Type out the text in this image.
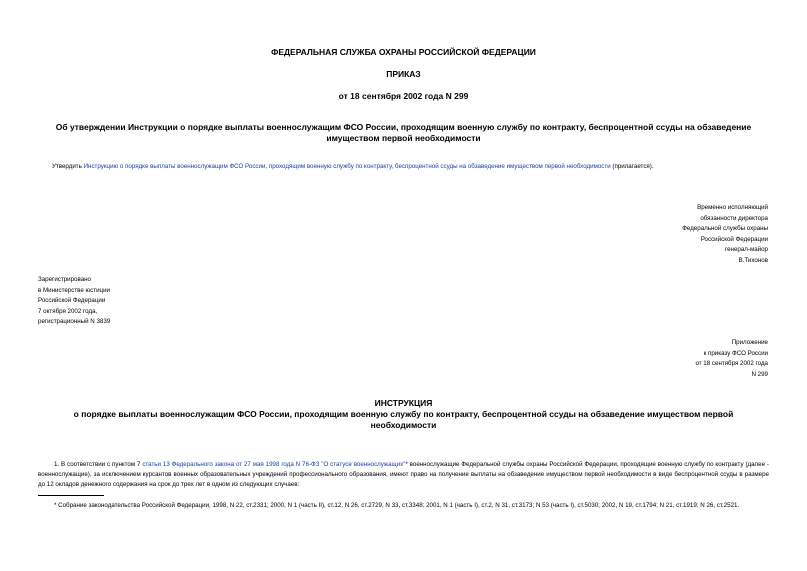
ФЕДЕРАЛЬНАЯ СЛУЖБА ОХРАНЫ РОССИЙСКОЙ ФЕДЕРАЦИИ
ПРИКАЗ
от 18 сентября 2002 года N 299
Об утверждении Инструкции о порядке выплаты военнослужащим ФСО России, проходящим военную службу по контракту, беспроцентной ссуды на обзаведение имуществом первой необходимости
Утвердить Инструкцию о порядке выплаты военнослужащим ФСО России, проходящим военную службу по контракту, беспроцентной ссуды на обзаведение имуществом первой необходимости (прилагается).
Временно исполняющий
обязанности директора
Федеральной службы охраны
Российской Федерации
генерал-майор
В.Тихонов
Зарегистрировано
в Министерстве юстиции
Российской Федерации
7 октября 2002 года,
регистрационный N 3839
Приложение
к приказу ФСО России
от 18 сентября 2002 года
N 299
ИНСТРУКЦИЯ
о порядке выплаты военнослужащим ФСО России, проходящим военную службу по контракту, беспроцентной ссуды на обзаведение имуществом первой необходимости
1. В соответствии с пунктом 7 статьи 13 Федерального закона от 27 мая 1998 года N 76-ФЗ "О статусе военнослужащих"* военнослужащие Федеральной службы охраны Российской Федерации, проходящие военную службу по контракту (далее - военнослужащие), за исключением курсантов военных образовательных учреждений профессионального образования, имеют право на получение выплаты на обзаведение имуществом первой необходимости в виде беспроцентной ссуды в размере до 12 окладов денежного содержания на срок до трех лет в одном из следующих случаев:
* Собрание законодательства Российской Федерации, 1998, N 22, ст.2331; 2000, N 1 (часть II), ст.12, N 26, ст.2729, N 33, ст.3348; 2001, N 1 (часть I), ст.2, N 31, ст.3173; N 53 (часть I), ст.5030; 2002, N 19, ст.1794; N 21, ст.1919; N 26, ст.2521.
